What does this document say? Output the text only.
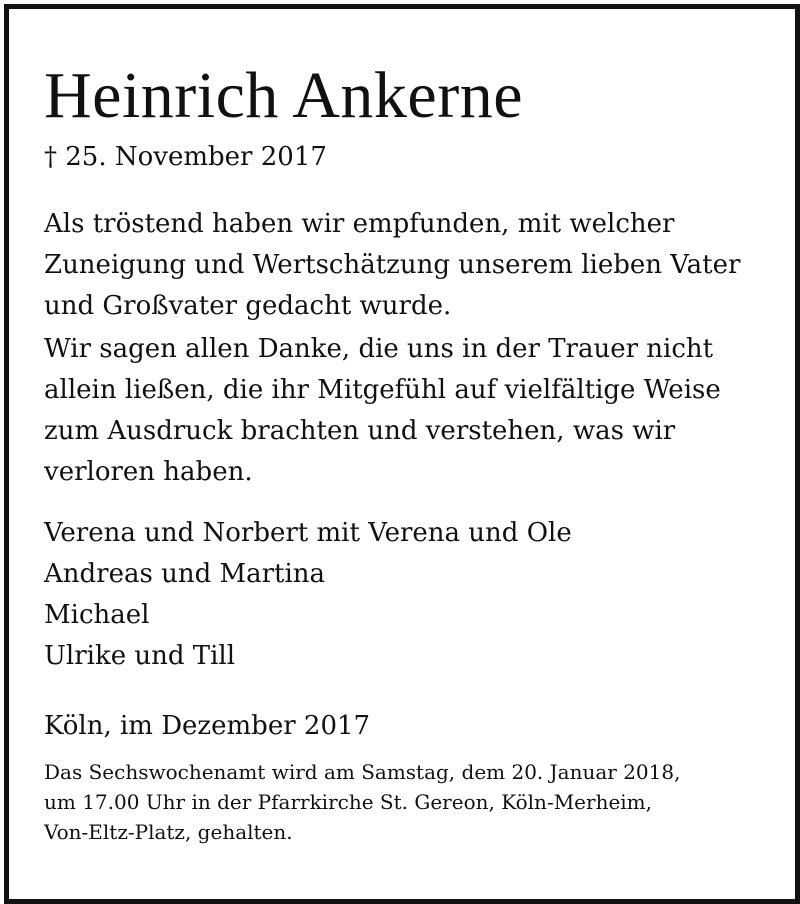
Heinrich Ankerne
† 25. November 2017
Als tröstend haben wir empfunden, mit welcher
Zuneigung und Wertschätzung unserem lieben Vater
und Großvater gedacht wurde.
Wir sagen allen Danke, die uns in der Trauer nicht
allein ließen, die ihr Mitgefühl auf vielfältige Weise
zum Ausdruck brachten und verstehen, was wir
verloren haben.
Verena und Norbert mit Verena und Ole
Andreas und Martina
Michael
Ulrike und Till
Köln, im Dezember 2017
Das Sechswochenamt wird am Samstag, dem 20. Januar 2018,
um 17.00 Uhr in der Pfarrkirche St. Gereon, Köln-Merheim,
Von-Eltz-Platz, gehalten.
